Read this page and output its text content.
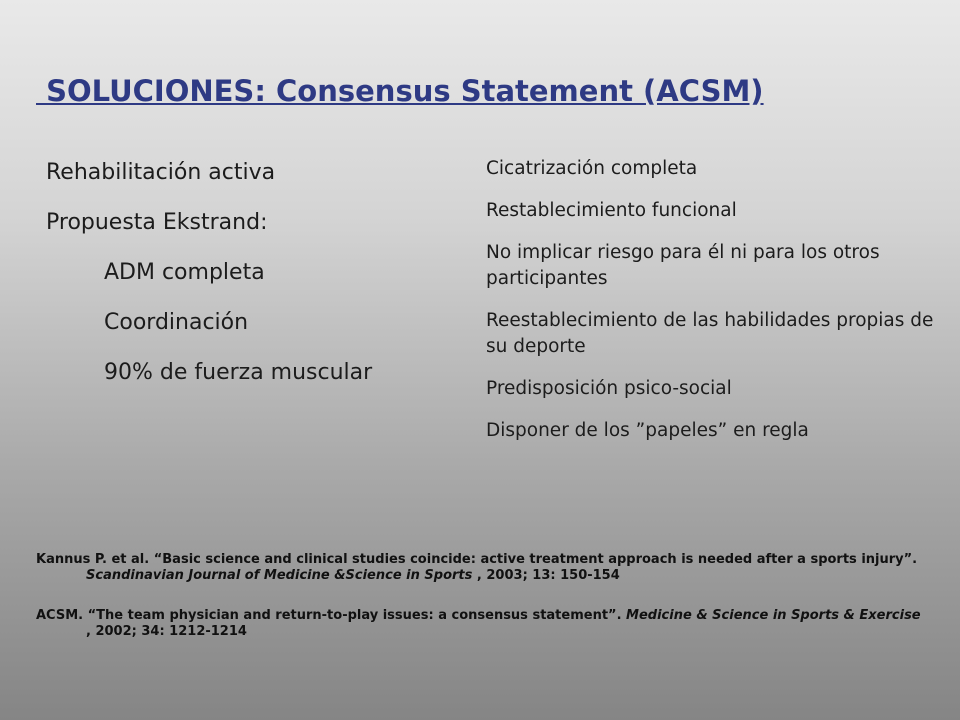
SOLUCIONES: Consensus Statement (ACSM)
Rehabilitación activa
Propuesta Ekstrand:
ADM completa
Coordinación
90% de fuerza muscular
Cicatrización completa
Restablecimiento funcional
No implicar riesgo para él ni para los otros participantes
Reestablecimiento de las habilidades propias de su deporte
Predisposición psico-social
Disponer de los ”papeles” en regla
Kannus P. et al. “Basic science and clinical studies coincide: active treatment approach is needed after a sports injury”. Scandinavian Journal of Medicine &Science in Sports , 2003; 13: 150-154
ACSM. “The team physician and return-to-play issues: a consensus statement”. Medicine & Science in Sports & Exercise , 2002; 34: 1212-1214
